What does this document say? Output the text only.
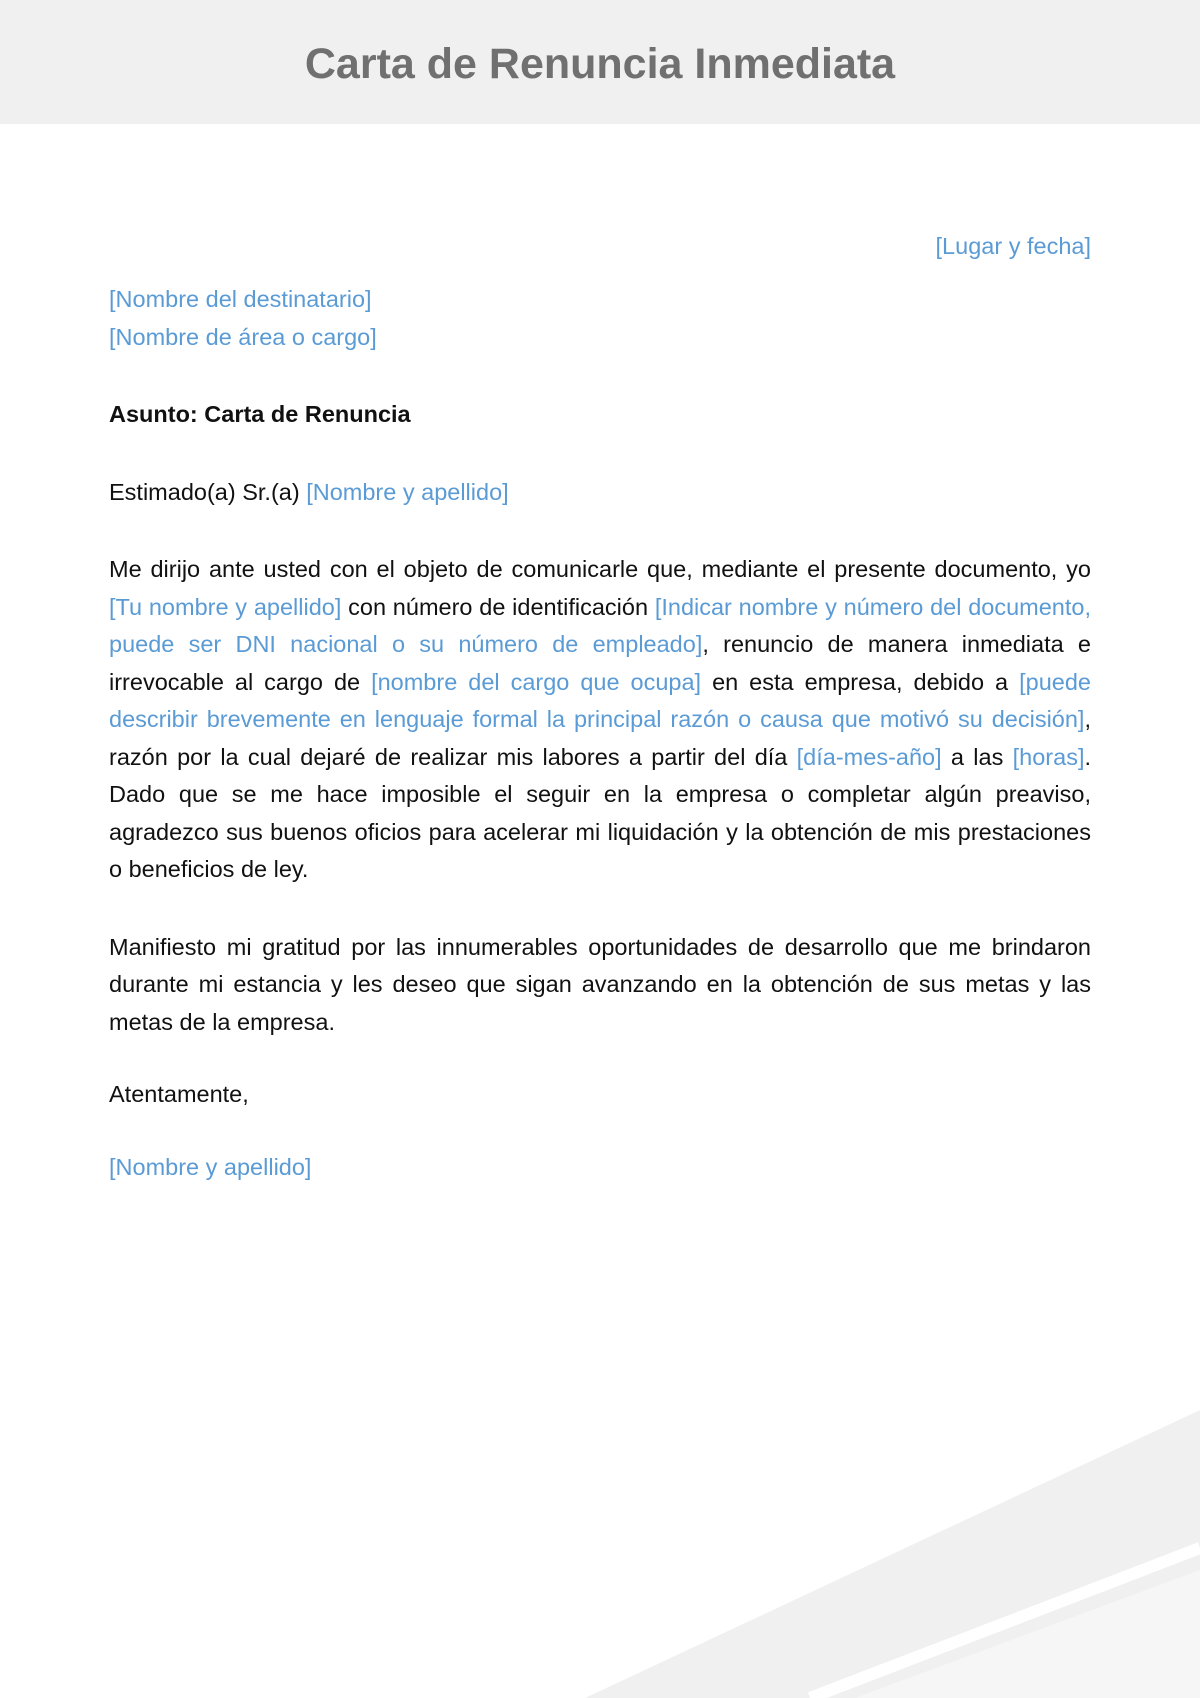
Carta de Renuncia Inmediata
[Lugar y fecha]
[Nombre del destinatario]
[Nombre de área o cargo]
Asunto: Carta de Renuncia
Estimado(a) Sr.(a) [Nombre y apellido]
Me dirijo ante usted con el objeto de comunicarle que, mediante el presente documento, yo [Tu nombre y apellido] con número de identificación [Indicar nombre y número del documento, puede ser DNI nacional o su número de empleado], renuncio de manera inmediata e irrevocable al cargo de [nombre del cargo que ocupa] en esta empresa, debido a [puede describir brevemente en lenguaje formal la principal razón o causa que motivó su decisión], razón por la cual dejaré de realizar mis labores a partir del día [día-mes-año] a las [horas]. Dado que se me hace imposible el seguir en la empresa o completar algún preaviso, agradezco sus buenos oficios para acelerar mi liquidación y la obtención de mis prestaciones o beneficios de ley.
Manifiesto mi gratitud por las innumerables oportunidades de desarrollo que me brindaron durante mi estancia y les deseo que sigan avanzando en la obtención de sus metas y las metas de la empresa.
Atentamente,
[Nombre y apellido]
